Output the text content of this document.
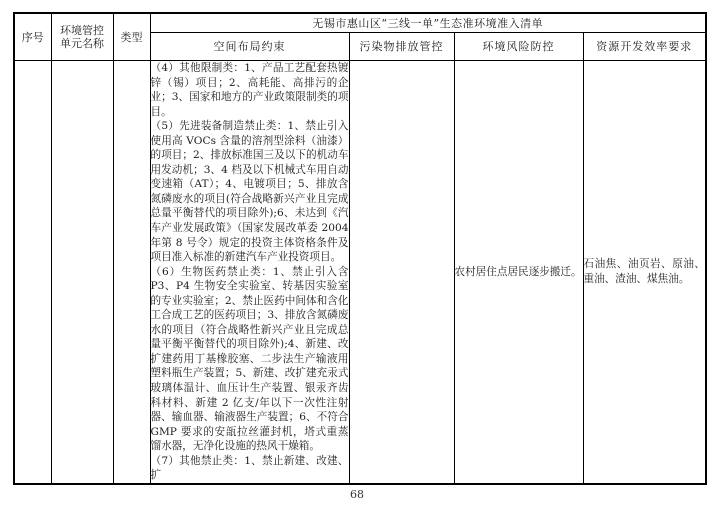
序号	环境管控单元名称	类型	无锡市惠山区“三线一单”生态准环境准入清单			
			空间布局约束	污染物排放管控	环境风险防控	资源开发效率要求

			（4）其他限制类：1、产品工艺配套热镀锌（锡）项目；2、高耗能、高排污的企业；3、国家和地方的产业政策限制类的项目。

（5）先进装备制造禁止类：1、禁止引入使用高 VOCs 含量的溶剂型涂料（油漆）的项目；2、排放标准国三及以下的机动车用发动机；3、4 档及以下机械式车用自动变速箱（AT）；4、电镀项目；5、排放含氮磷废水的项目(符合战略新兴产业且完成总量平衡替代的项目除外);6、未达到《汽车产业发展政策》（国家发展改革委 2004 年第 8 号令）规定的投资主体资格条件及项目准入标准的新建汽车产业投资项目。

（6）生物医药禁止类：1、禁止引入含 P3、P4 生物安全实验室、转基因实验室的专业实验室；2、禁止医药中间体和含化工合成工艺的医药项目；3、排放含氮磷废水的项目（符合战略性新兴产业且完成总量平衡平衡替代的项目除外);4、新建、改扩建药用丁基橡胶塞、二步法生产输液用塑料瓶生产装置；5、新建、改扩建充汞式玻璃体温计、血压计生产装置、银汞齐齿科材料、新建 2 亿支/年以下一次性注射器、输血器、输液器生产装置；6、不符合 GMP 要求的安瓿拉丝灌封机，塔式重蒸馏水器，无净化设施的热风干燥箱。

（7）其他禁止类：1、禁止新建、改建、扩		农村居住点居民逐步搬迁。	石油焦、油页岩、原油、重油、渣油、煤焦油。
68
